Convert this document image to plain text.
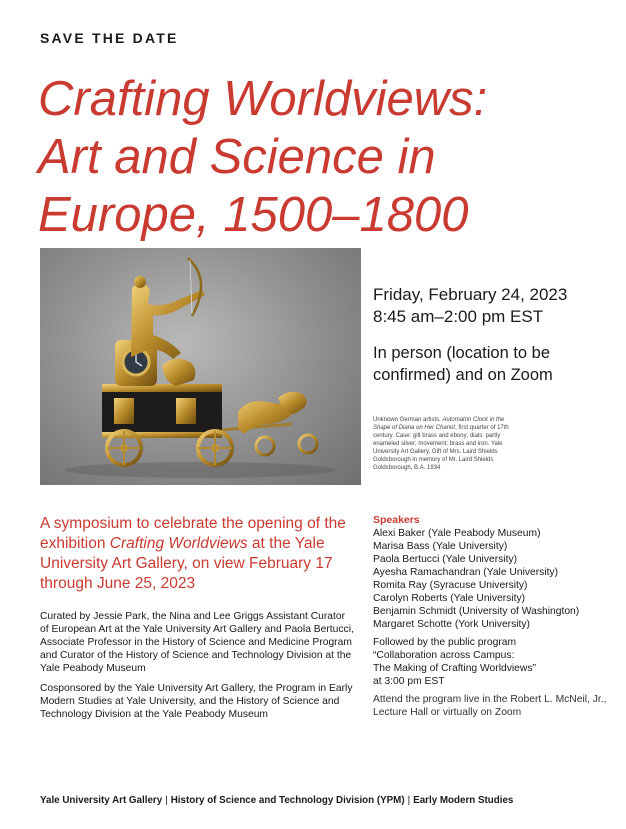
SAVE THE DATE
Crafting Worldviews:
Art and Science in
Europe, 1500–1800
Friday, February 24, 2023
8:45 am–2:00 pm EST
In person (location to be
confirmed) and on Zoom
Unknown German artists, Automaton Clock in the Shape of Diana on Her Chariot, first quarter of 17th century. Case: gilt brass and ebony; dials: partly enameled silver; movement: brass and iron. Yale University Art Gallery, Gift of Mrs. Laird Shields Goldsborough in memory of Mr. Laird Shields Goldsborough, B.A. 1934
A symposium to celebrate the opening of the exhibition Crafting Worldviews at the Yale University Art Gallery, on view February 17 through June 25, 2023
Curated by Jessie Park, the Nina and Lee Griggs Assistant Curator of European Art at the Yale University Art Gallery and Paola Bertucci, Associate Professor in the History of Science and Medicine Program and Curator of the History of Science and Technology Division at the Yale Peabody Museum
Cosponsored by the Yale University Art Gallery, the Program in Early Modern Studies at Yale University, and the History of Science and Technology Division at the Yale Peabody Museum
Speakers
Alexi Baker (Yale Peabody Museum)
Marisa Bass (Yale University)
Paola Bertucci (Yale University)
Ayesha Ramachandran (Yale University)
Romita Ray (Syracuse University)
Carolyn Roberts (Yale University)
Benjamin Schmidt (University of Washington)
Margaret Schotte (York University)
Followed by the public program
“Collaboration across Campus:
The Making of Crafting Worldviews”
at 3:00 pm EST
Attend the program live in the Robert L. McNeil, Jr., Lecture Hall or virtually on Zoom
Yale University Art Gallery | History of Science and Technology Division (YPM) | Early Modern Studies
